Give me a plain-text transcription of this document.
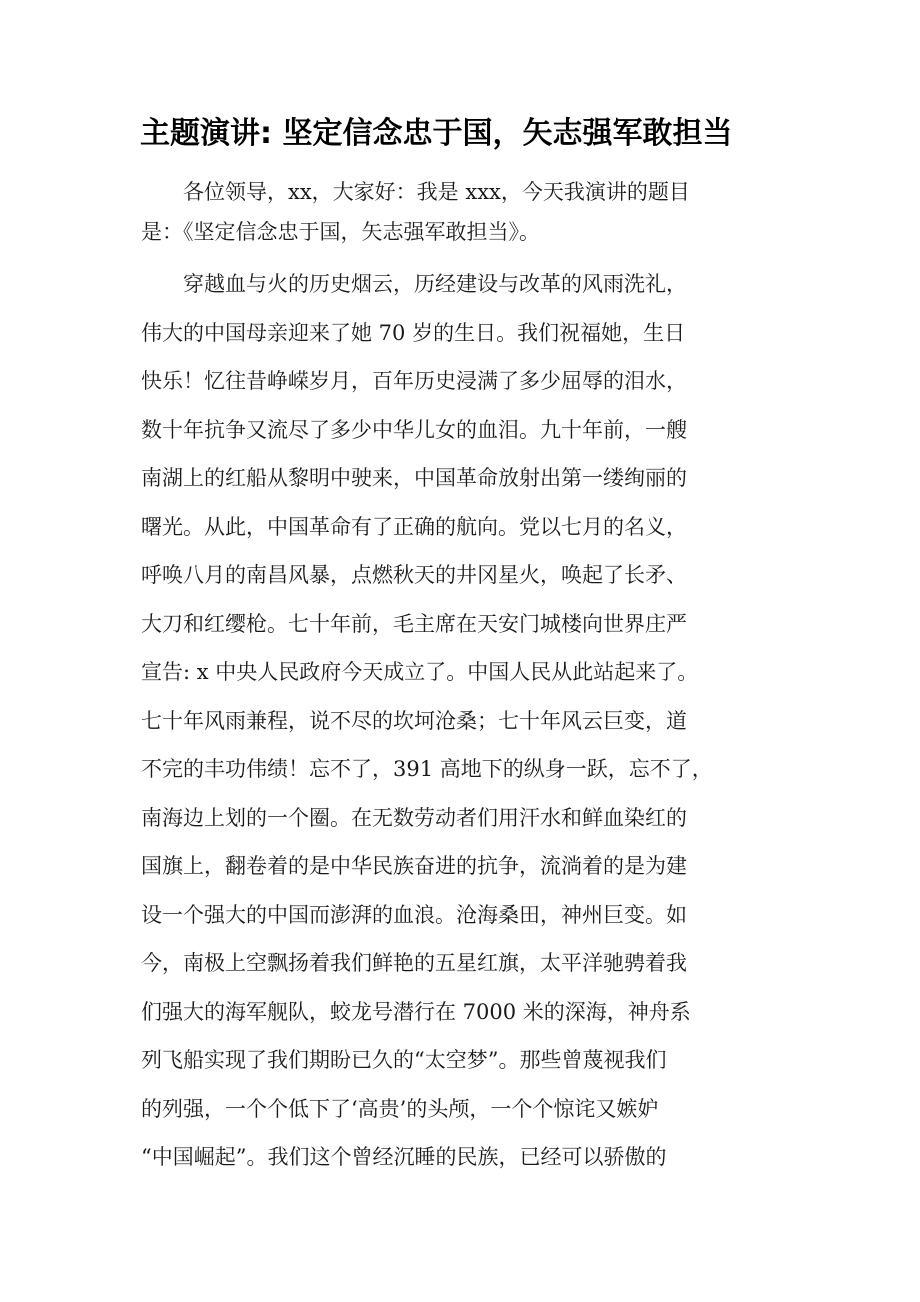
主题演讲: 坚定信念忠于国，矢志强军敢担当

各位领导，xx，大家好：我是 xxx，今天我演讲的题目
是：《坚定信念忠于国，矢志强军敢担当》。

穿越血与火的历史烟云，历经建设与改革的风雨洗礼，
伟大的中国母亲迎来了她 70 岁的生日。我们祝福她，生日
快乐！忆往昔峥嵘岁月，百年历史浸满了多少屈辱的泪水，
数十年抗争又流尽了多少中华儿女的血泪。九十年前，一艘
南湖上的红船从黎明中驶来，中国革命放射出第一缕绚丽的
曙光。从此，中国革命有了正确的航向。党以七月的名义，
呼唤八月的南昌风暴，点燃秋天的井冈星火，唤起了长矛、
大刀和红缨枪。七十年前，毛主席在天安门城楼向世界庄严
宣告: x 中央人民政府今天成立了。中国人民从此站起来了。
七十年风雨兼程，说不尽的坎坷沧桑；七十年风云巨变，道
不完的丰功伟绩！忘不了，391 高地下的纵身一跃，忘不了，
南海边上划的一个圈。在无数劳动者们用汗水和鲜血染红的
国旗上，翻卷着的是中华民族奋进的抗争，流淌着的是为建
设一个强大的中国而澎湃的血浪。沧海桑田，神州巨变。如
今，南极上空飘扬着我们鲜艳的五星红旗，太平洋驰骋着我
们强大的海军舰队，蛟龙号潜行在 7000 米的深海，神舟系
列飞船实现了我们期盼已久的“太空梦”。那些曾蔑视我们
的列强，一个个低下了‘高贵’的头颅，一个个惊诧又嫉妒
“中国崛起”。我们这个曾经沉睡的民族，已经可以骄傲的
